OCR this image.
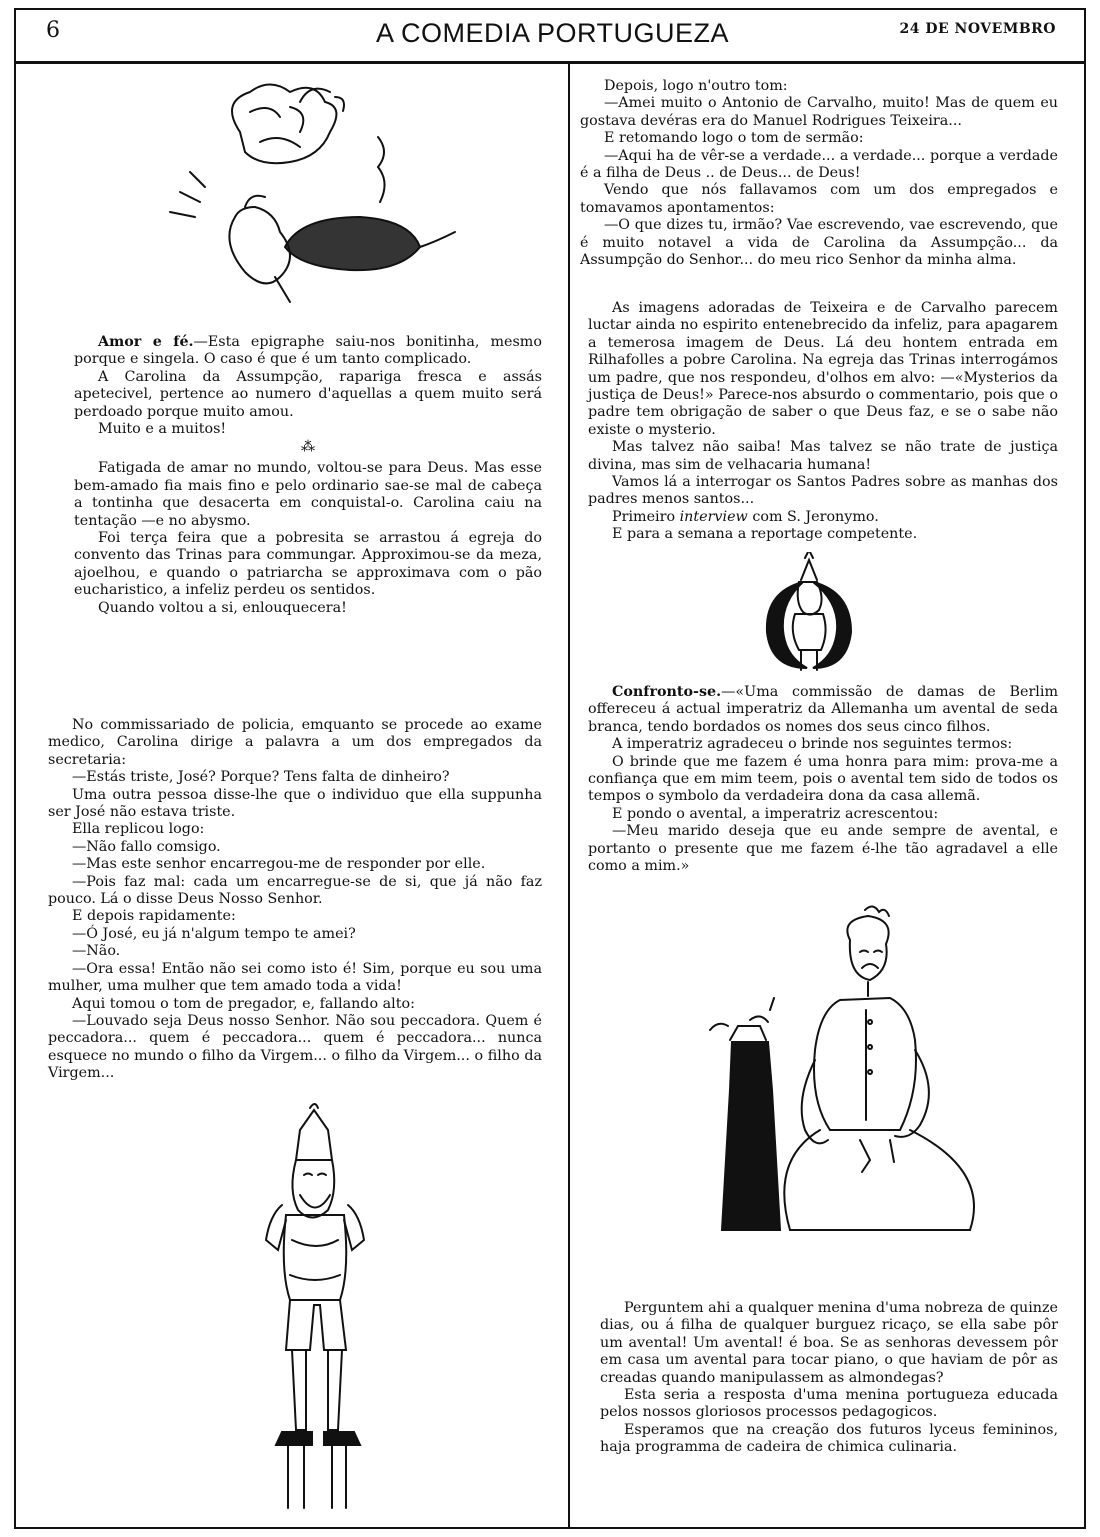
6	A COMEDIA PORTUGUEZA	24 DE NOVEMBRO

Amor e fé.—Esta epigraphe saiu-nos bonitinha, mesmo porque e singela. O caso é que é um tanto complicado.

A Carolina da Assumpção, rapariga fresca e assás apetecivel, pertence ao numero d'aquellas a quem muito será perdoado porque muito amou.

Muito e a muitos!

⁂

Fatigada de amar no mundo, voltou-se para Deus. Mas esse bem-amado fia mais fino e pelo ordinario sae-se mal de cabeça a tontinha que desacerta em conquistal-o. Carolina caiu na tentação —e no abysmo.

Foi terça feira que a pobresita se arrastou á egreja do convento das Trinas para commungar. Approximou-se da meza, ajoelhou, e quando o patriarcha se approximava com o pão eucharistico, a infeliz perdeu os sentidos.

Quando voltou a si, enlouquecera!

No commissariado de policia, emquanto se procede ao exame medico, Carolina dirige a palavra a um dos empregados da secretaria:

—Estás triste, José? Porque? Tens falta de dinheiro?

Uma outra pessoa disse-lhe que o individuo que ella suppunha ser José não estava triste.

Ella replicou logo:

—Não fallo comsigo.

—Mas este senhor encarregou-me de responder por elle.

—Pois faz mal: cada um encarregue-se de si, que já não faz pouco. Lá o disse Deus Nosso Senhor.

E depois rapidamente:

—Ó José, eu já n'algum tempo te amei?

—Não.

—Ora essa! Então não sei como isto é! Sim, porque eu sou uma mulher, uma mulher que tem amado toda a vida!

Aqui tomou o tom de pregador, e, fallando alto:

—Louvado seja Deus nosso Senhor. Não sou peccadora. Quem é peccadora... quem é peccadora... quem é peccadora... nunca esquece no mundo o filho da Virgem... o filho da Virgem... o filho da Virgem...

Depois, logo n'outro tom:

—Amei muito o Antonio de Carvalho, muito! Mas de quem eu gostava devéras era do Manuel Rodrigues Teixeira...

E retomando logo o tom de sermão:

—Aqui ha de vêr-se a verdade... a verdade... porque a verdade é a filha de Deus .. de Deus... de Deus!

Vendo que nós fallavamos com um dos empregados e tomavamos apontamentos:

—O que dizes tu, irmão? Vae escrevendo, vae escrevendo, que é muito notavel a vida de Carolina da Assumpção... da Assumpção do Senhor... do meu rico Senhor da minha alma.

As imagens adoradas de Teixeira e de Carvalho parecem luctar ainda no espirito entenebrecido da infeliz, para apagarem a temerosa imagem de Deus. Lá deu hontem entrada em Rilhafolles a pobre Carolina. Na egreja das Trinas interrogámos um padre, que nos respondeu, d'olhos em alvo: —«Mysterios da justiça de Deus!» Parece-nos absurdo o commentario, pois que o padre tem obrigação de saber o que Deus faz, e se o sabe não existe o mysterio.

Mas talvez não saiba! Mas talvez se não trate de justiça divina, mas sim de velhacaria humana!

Vamos lá a interrogar os Santos Padres sobre as manhas dos padres menos santos...

Primeiro interview com S. Jeronymo.

E para a semana a reportage competente.

Confronto-se.—«Uma commissão de damas de Berlim offereceu á actual imperatriz da Allemanha um avental de seda branca, tendo bordados os nomes dos seus cinco filhos.

A imperatriz agradeceu o brinde nos seguintes termos:

O brinde que me fazem é uma honra para mim: prova-me a confiança que em mim teem, pois o avental tem sido de todos os tempos o symbolo da verdadeira dona da casa allemã.

E pondo o avental, a imperatriz acrescentou:

—Meu marido deseja que eu ande sempre de avental, e portanto o presente que me fazem é-lhe tão agradavel a elle como a mim.»

Perguntem ahi a qualquer menina d'uma nobreza de quinze dias, ou á filha de qualquer burguez ricaço, se ella sabe pôr um avental! Um avental! é boa. Se as senhoras devessem pôr em casa um avental para tocar piano, o que haviam de pôr as creadas quando manipulassem as almondegas?

Esta seria a resposta d'uma menina portugueza educada pelos nossos gloriosos processos pedagogicos.

Esperamos que na creação dos futuros lyceus femininos, haja programma de cadeira de chimica culinaria.
